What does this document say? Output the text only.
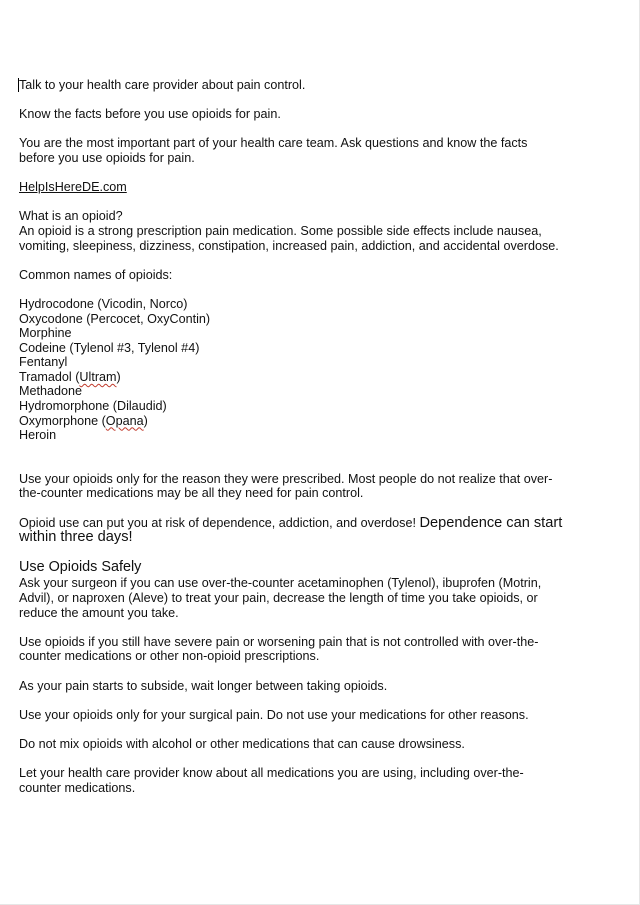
Talk to your health care provider about pain control.

Know the facts before you use opioids for pain.

You are the most important part of your health care team. Ask questions and know the facts before you use opioids for pain.

HelpIsHereDE.com

What is an opioid?
An opioid is a strong prescription pain medication. Some possible side effects include nausea, vomiting, sleepiness, dizziness, constipation, increased pain, addiction, and accidental overdose.

Common names of opioids:

Hydrocodone (Vicodin, Norco)
Oxycodone (Percocet, OxyContin)
Morphine
Codeine (Tylenol #3, Tylenol #4)
Fentanyl
Tramadol (Ultram)
Methadone
Hydromorphone (Dilaudid)
Oxymorphone (Opana)
Heroin

Use your opioids only for the reason they were prescribed. Most people do not realize that over-the-counter medications may be all they need for pain control.

Opioid use can put you at risk of dependence, addiction, and overdose! Dependence can start within three days!

Use Opioids Safely

Ask your surgeon if you can use over-the-counter acetaminophen (Tylenol), ibuprofen (Motrin, Advil), or naproxen (Aleve) to treat your pain, decrease the length of time you take opioids, or reduce the amount you take.

Use opioids if you still have severe pain or worsening pain that is not controlled with over-the-counter medications or other non-opioid prescriptions.

As your pain starts to subside, wait longer between taking opioids.

Use your opioids only for your surgical pain. Do not use your medications for other reasons.

Do not mix opioids with alcohol or other medications that can cause drowsiness.

Let your health care provider know about all medications you are using, including over-the-counter medications.
